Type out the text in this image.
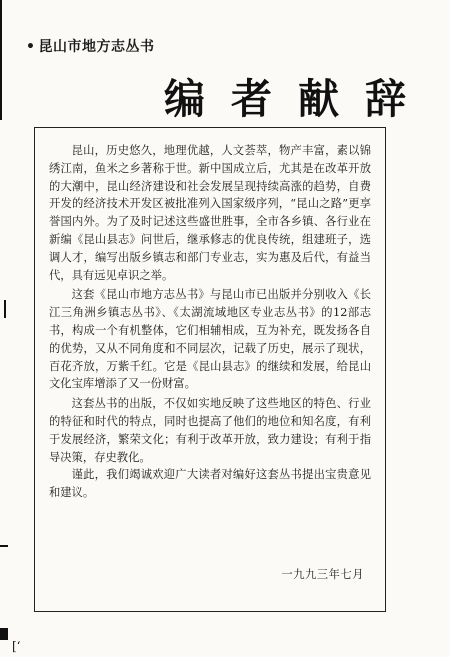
• 昆山市地方志丛书
编者献辞

昆山，历史悠久，地理优越，人文荟萃，物产丰富，素以锦绣江南，鱼米之乡著称于世。新中国成立后，尤其是在改革开放的大潮中，昆山经济建设和社会发展呈现持续高涨的趋势，自费开发的经济技术开发区被批准列入国家级序列，“昆山之路”更享誉国内外。为了及时记述这些盛世胜事，全市各乡镇、各行业在新编《昆山县志》问世后，继承修志的优良传统，组建班子，选调人才，编写出版乡镇志和部门专业志，实为惠及后代，有益当代，具有远见卓识之举。

这套《昆山市地方志丛书》与昆山市已出版并分别收入《长江三角洲乡镇志丛书》、《太湖流域地区专业志丛书》的12部志书，构成一个有机整体，它们相辅相成，互为补充，既发扬各自的优势，又从不同角度和不同层次，记载了历史，展示了现状，百花齐放，万紫千红。它是《昆山县志》的继续和发展，给昆山文化宝库增添了又一份财富。

这套丛书的出版，不仅如实地反映了这些地区的特色、行业的特征和时代的特点，同时也提高了他们的地位和知名度，有利于发展经济，繁荣文化；有利于改革开放，致力建设；有利于指导决策，存史教化。

谨此，我们竭诚欢迎广大读者对编好这套丛书提出宝贵意见和建议。

一九九三年七月
[‘
